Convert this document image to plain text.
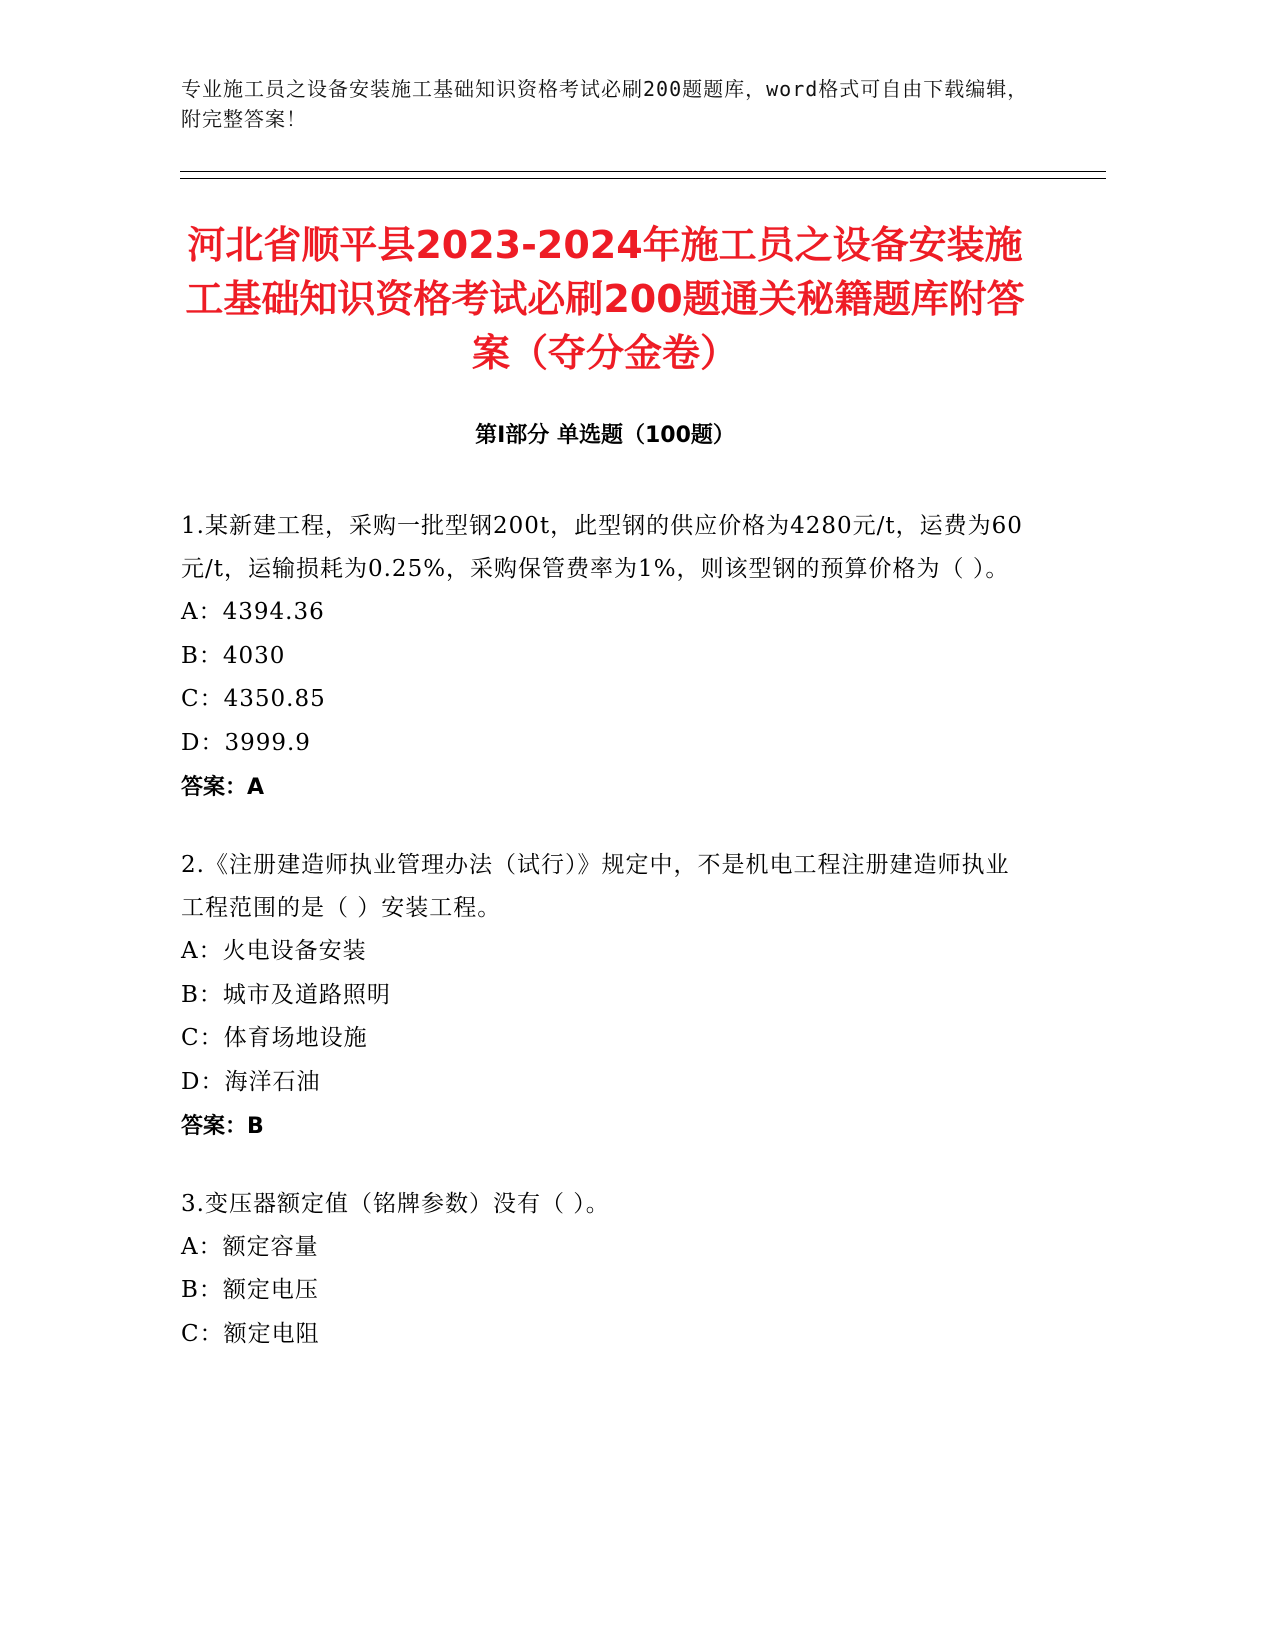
专业施工员之设备安装施工基础知识资格考试必刷200题题库，word格式可自由下载编辑，附完整答案！
河北省顺平县2023-2024年施工员之设备安装施工基础知识资格考试必刷200题通关秘籍题库附答案（夺分金卷）
第Ⅰ部分 单选题（100题）
1.某新建工程，采购一批型钢200t，此型钢的供应价格为4280元/t，运费为60元/t，运输损耗为0.25%，采购保管费率为1%，则该型钢的预算价格为（ ）。
A：4394.36
B：4030
C：4350.85
D：3999.9
答案：A
2.《注册建造师执业管理办法（试行）》规定中，不是机电工程注册建造师执业工程范围的是（ ）安装工程。
A：火电设备安装
B：城市及道路照明
C：体育场地设施
D：海洋石油
答案：B
3.变压器额定值（铭牌参数）没有（ ）。
A：额定容量
B：额定电压
C：额定电阻
